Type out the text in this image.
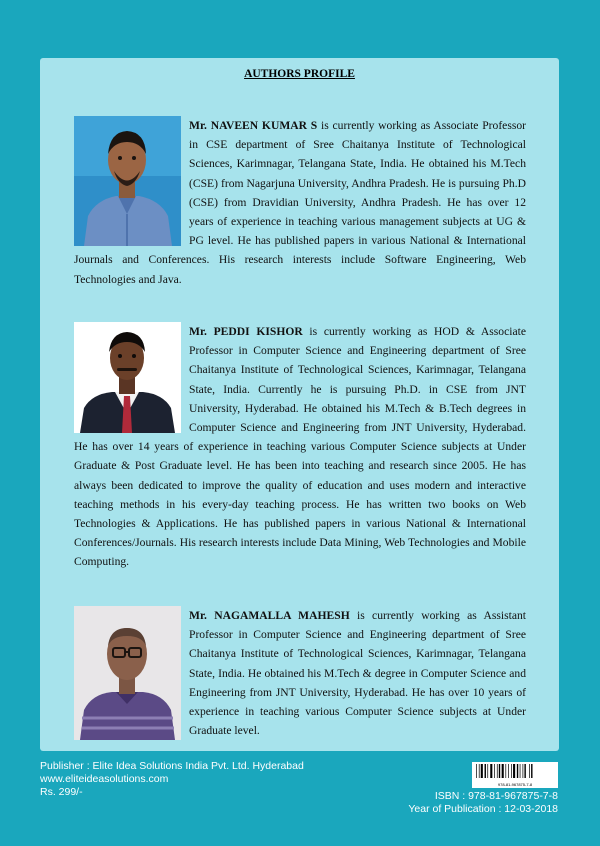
AUTHORS PROFILE
Mr. NAVEEN KUMAR S is currently working as Associate Professor in CSE department of Sree Chaitanya Institute of Technological Sciences, Karimnagar, Telangana State, India. He obtained his M.Tech (CSE) from Nagarjuna University, Andhra Pradesh. He is pursuing Ph.D (CSE) from Dravidian University, Andhra Pradesh. He has over 12 years of experience in teaching various management subjects at UG & PG level. He has published papers in various National & International Journals and Conferences. His research interests include Software Engineering, Web Technologies and Java.
Mr. PEDDI KISHOR is currently working as HOD & Associate Professor in Computer Science and Engineering department of Sree Chaitanya Institute of Technological Sciences, Karimnagar, Telangana State, India. Currently he is pursuing Ph.D. in CSE from JNT University, Hyderabad. He obtained his M.Tech & B.Tech degrees in Computer Science and Engineering from JNT University, Hyderabad. He has over 14 years of experience in teaching various Computer Science subjects at Under Graduate & Post Graduate level. He has been into teaching and research since 2005. He has always been dedicated to improve the quality of education and uses modern and interactive teaching methods in his every-day teaching process. He has written two books on Web Technologies & Applications. He has published papers in various National & International Conferences/Journals. His research interests include Data Mining, Web Technologies and Mobile Computing.
Mr. NAGAMALLA MAHESH is currently working as Assistant Professor in Computer Science and Engineering department of Sree Chaitanya Institute of Technological Sciences, Karimnagar, Telangana State, India. He obtained his M.Tech & degree in Computer Science and Engineering from JNT University, Hyderabad. He has over 10 years of experience in teaching various Computer Science subjects at Under Graduate level.
Publisher : Elite Idea Solutions India Pvt. Ltd. Hyderabad
www.eliteideasolutions.com
Rs. 299/-
978-81-967875-7-8
ISBN : 978-81-967875-7-8
Year of Publication : 12-03-2018
